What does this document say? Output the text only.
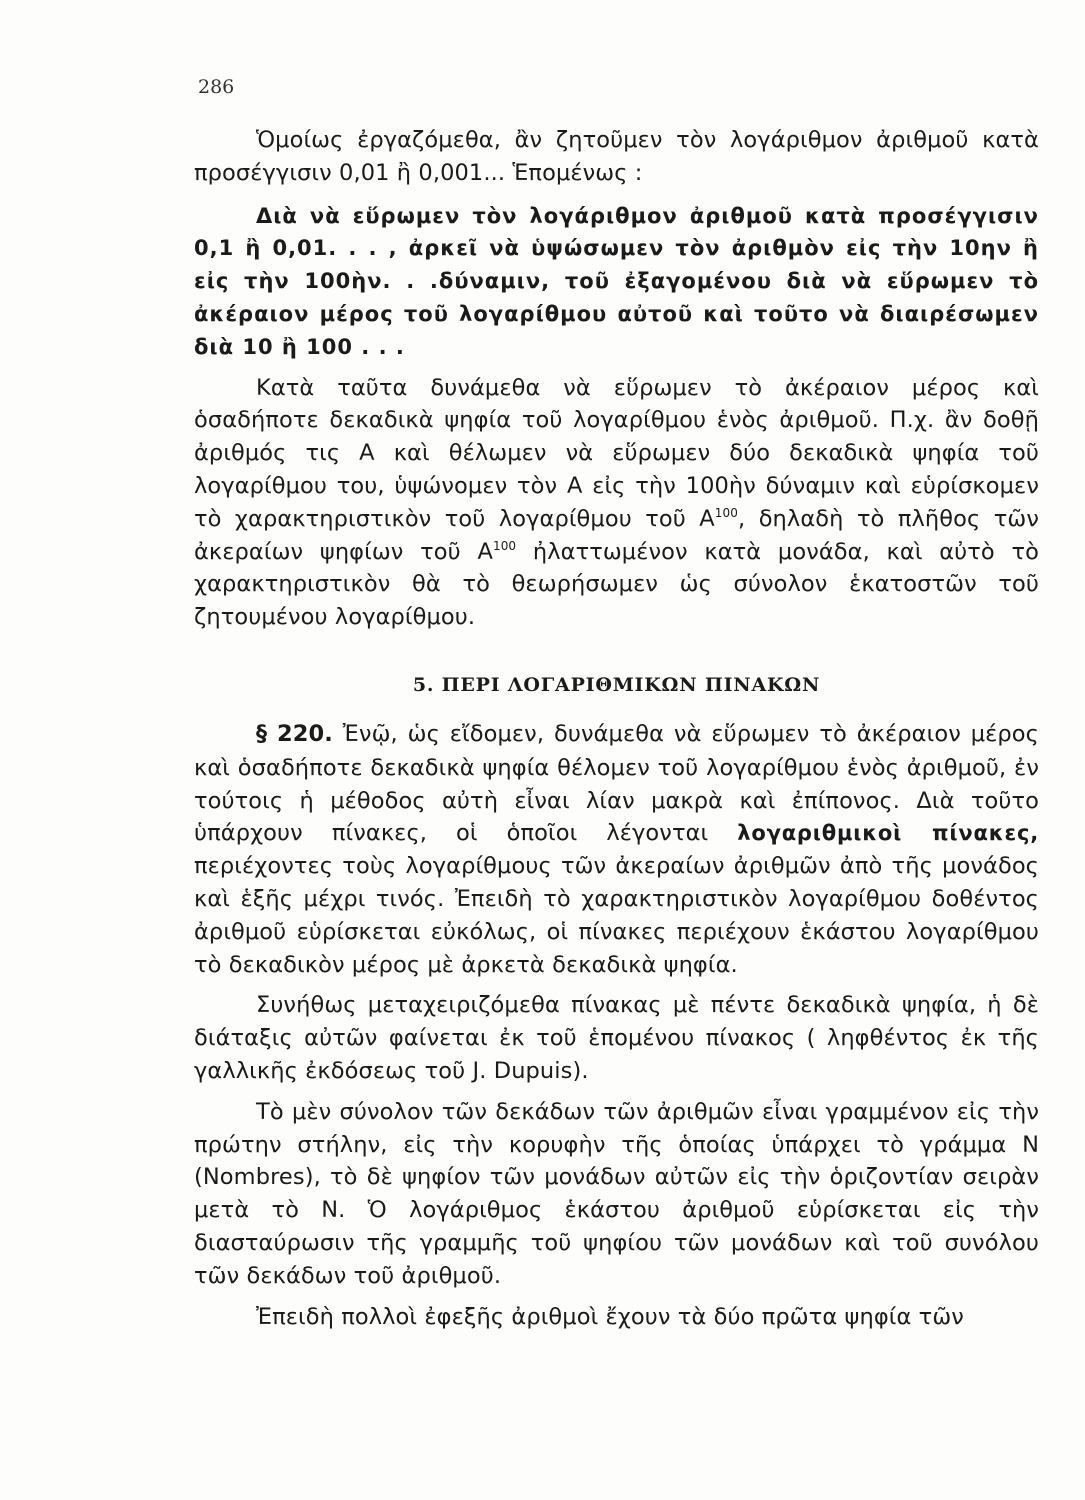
286

Ὁμοίως ἐργαζόμεθα, ἂν ζητοῦμεν τὸν λογάριθμον ἀριθμοῦ κατὰ προσέγγισιν 0,01 ἢ 0,001... Ἑπομένως :

Διὰ νὰ εὕρωμεν τὸν λογάριθμον ἀριθμοῦ κατὰ προσέγγισιν 0,1 ἢ 0,01. . . , ἀρκεῖ νὰ ὑψώσωμεν τὸν ἀριθμὸν εἰς τὴν 10ην ἢ εἰς τὴν 100ὴν. . .δύναμιν, τοῦ ἐξαγομένου διὰ νὰ εὕρωμεν τὸ ἀκέραιον μέρος τοῦ λογαρίθμου αὐτοῦ καὶ τοῦτο νὰ διαιρέσωμεν διὰ 10 ἢ 100 . . .

Κατὰ ταῦτα δυνάμεθα νὰ εὕρωμεν τὸ ἀκέραιον μέρος καὶ ὁσαδήποτε δεκαδικὰ ψηφία τοῦ λογαρίθμου ἑνὸς ἀριθμοῦ. Π.χ. ἂν δοθῇ ἀριθμός τις Α καὶ θέλωμεν νὰ εὕρωμεν δύο δεκαδικὰ ψηφία τοῦ λογαρίθμου του, ὑψώνομεν τὸν Α εἰς τὴν 100ὴν δύναμιν καὶ εὑρίσκομεν τὸ χαρακτηριστικὸν τοῦ λογαρίθμου τοῦ $A^{100}$, δηλαδὴ τὸ πλῆθος τῶν ἀκεραίων ψηφίων τοῦ $A^{100}$ ἠλαττωμένον κατὰ μονάδα, καὶ αὐτὸ τὸ χαρακτηριστικὸν θὰ τὸ θεωρήσωμεν ὡς σύνολον ἑκατοστῶν τοῦ ζητουμένου λογαρίθμου.

5. ΠΕΡΙ ΛΟΓΑΡΙΘΜΙΚΩΝ ΠΙΝΑΚΩΝ

§ 220. Ἐνῷ, ὡς εἴδομεν, δυνάμεθα νὰ εὕρωμεν τὸ ἀκέραιον μέρος καὶ ὁσαδήποτε δεκαδικὰ ψηφία θέλομεν τοῦ λογαρίθμου ἑνὸς ἀριθμοῦ, ἐν τούτοις ἡ μέθοδος αὐτὴ εἶναι λίαν μακρὰ καὶ ἐπίπονος. Διὰ τοῦτο ὑπάρχουν πίνακες, οἱ ὁποῖοι λέγονται λογαριθμικοὶ πίνακες, περιέχοντες τοὺς λογαρίθμους τῶν ἀκεραίων ἀριθμῶν ἀπὸ τῆς μονάδος καὶ ἑξῆς μέχρι τινός. Ἐπειδὴ τὸ χαρακτηριστικὸν λογαρίθμου δοθέντος ἀριθμοῦ εὑρίσκεται εὐκόλως, οἱ πίνακες περιέχουν ἑκάστου λογαρίθμου τὸ δεκαδικὸν μέρος μὲ ἀρκετὰ δεκαδικὰ ψηφία.

Συνήθως μεταχειριζόμεθα πίνακας μὲ πέντε δεκαδικὰ ψηφία, ἡ δὲ διάταξις αὐτῶν φαίνεται ἐκ τοῦ ἑπομένου πίνακος ( ληφθέντος ἐκ τῆς γαλλικῆς ἐκδόσεως τοῦ J. Dupuis).

Τὸ μὲν σύνολον τῶν δεκάδων τῶν ἀριθμῶν εἶναι γραμμένον εἰς τὴν πρώτην στήλην, εἰς τὴν κορυφὴν τῆς ὁποίας ὑπάρχει τὸ γράμμα Ν (Nombres), τὸ δὲ ψηφίον τῶν μονάδων αὐτῶν εἰς τὴν ὁριζοντίαν σειρὰν μετὰ τὸ Ν. Ὁ λογάριθμος ἑκάστου ἀριθμοῦ εὑρίσκεται εἰς τὴν διασταύρωσιν τῆς γραμμῆς τοῦ ψηφίου τῶν μονάδων καὶ τοῦ συνόλου τῶν δεκάδων τοῦ ἀριθμοῦ.

Ἐπειδὴ πολλοὶ ἐφεξῆς ἀριθμοὶ ἔχουν τὰ δύο πρῶτα ψηφία τῶν
